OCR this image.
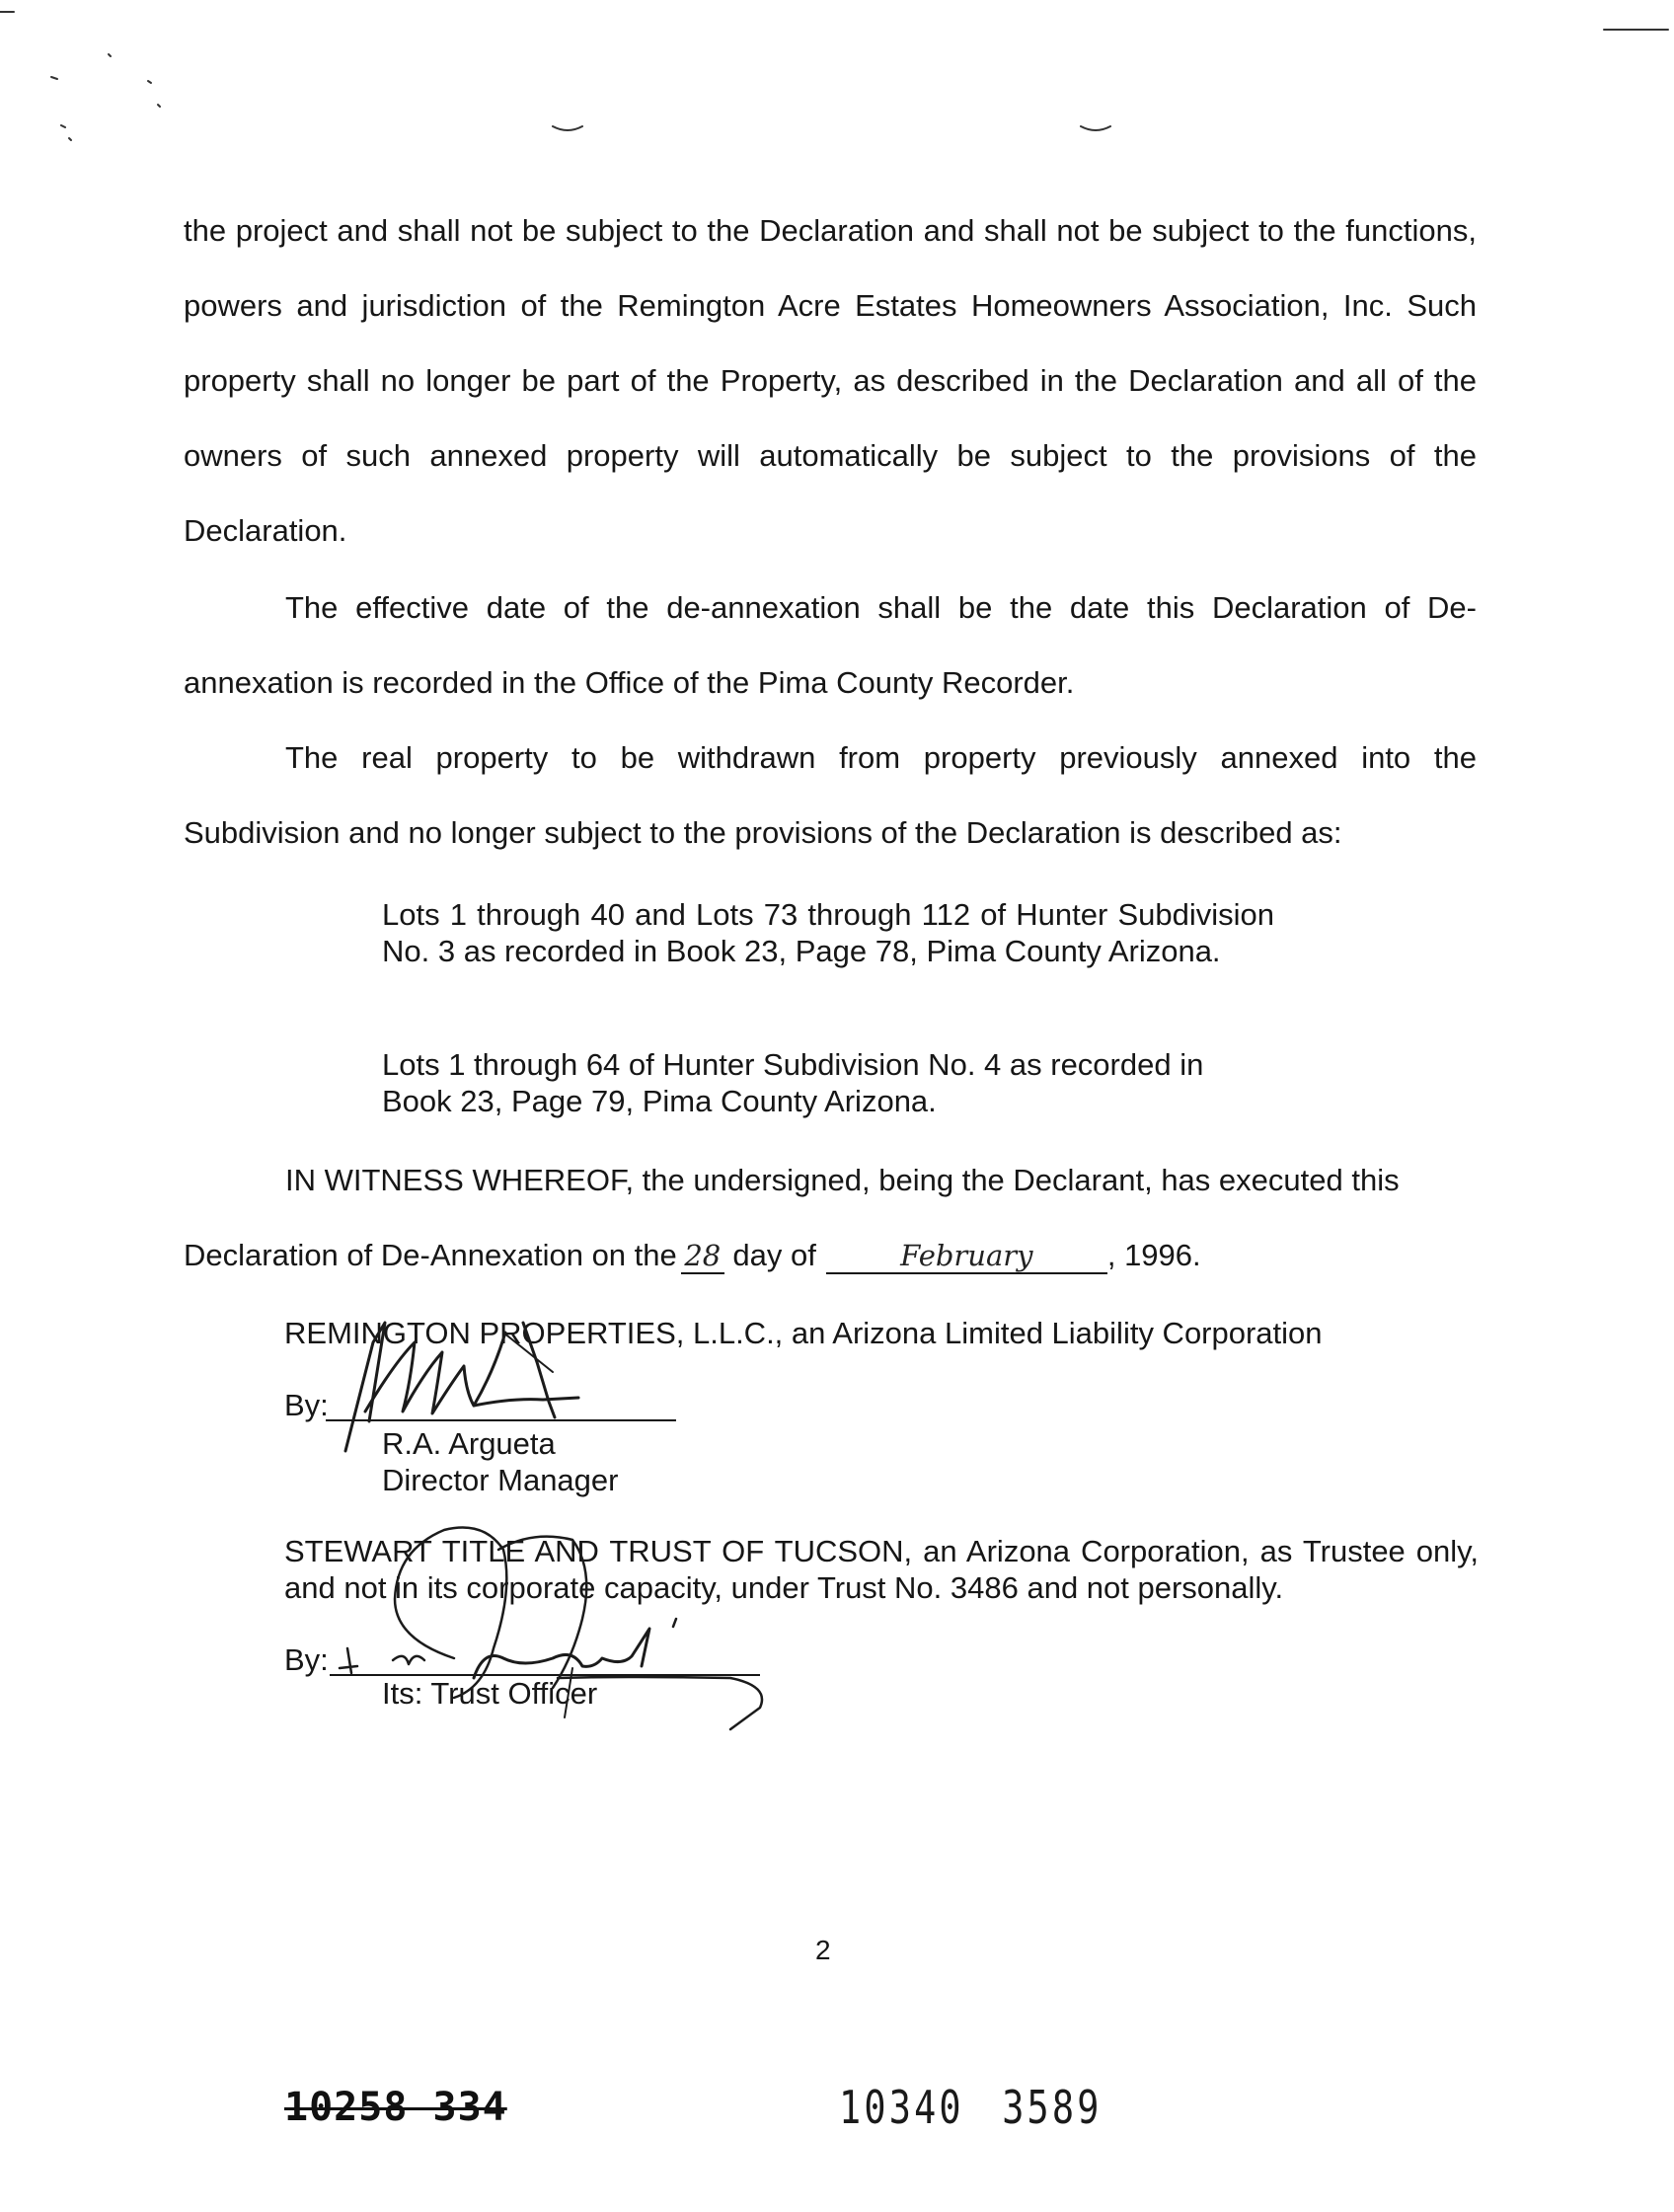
the project and shall not be subject to the Declaration and shall not be subject to the functions, powers and jurisdiction of the Remington Acre Estates Homeowners Association, Inc. Such property shall no longer be part of the Property, as described in the Declaration and all of the owners of such annexed property will automatically be subject to the provisions of the Declaration.

The effective date of the de-annexation shall be the date this Declaration of De-annexation is recorded in the Office of the Pima County Recorder.

The real property to be withdrawn from property previously annexed into the Subdivision and no longer subject to the provisions of the Declaration is described as:

Lots 1 through 40 and Lots 73 through 112 of Hunter Subdivision No. 3 as recorded in Book 23, Page 78, Pima County Arizona.

Lots 1 through 64 of Hunter Subdivision No. 4 as recorded in Book 23, Page 79, Pima County Arizona.

IN WITNESS WHEREOF, the undersigned, being the Declarant, has executed this

Declaration of De-Annexation on the 28 day of	February , 1996.

REMINGTON PROPERTIES, L.L.C., an Arizona Limited Liability Corporation
By:
R.A. Argueta
Director Manager
STEWART TITLE AND TRUST OF TUCSON, an Arizona Corporation, as Trustee only, and not in its corporate capacity, under Trust No. 3486 and not personally.
By:
Its: Trust Officer
2
10258 334	10340 3589
